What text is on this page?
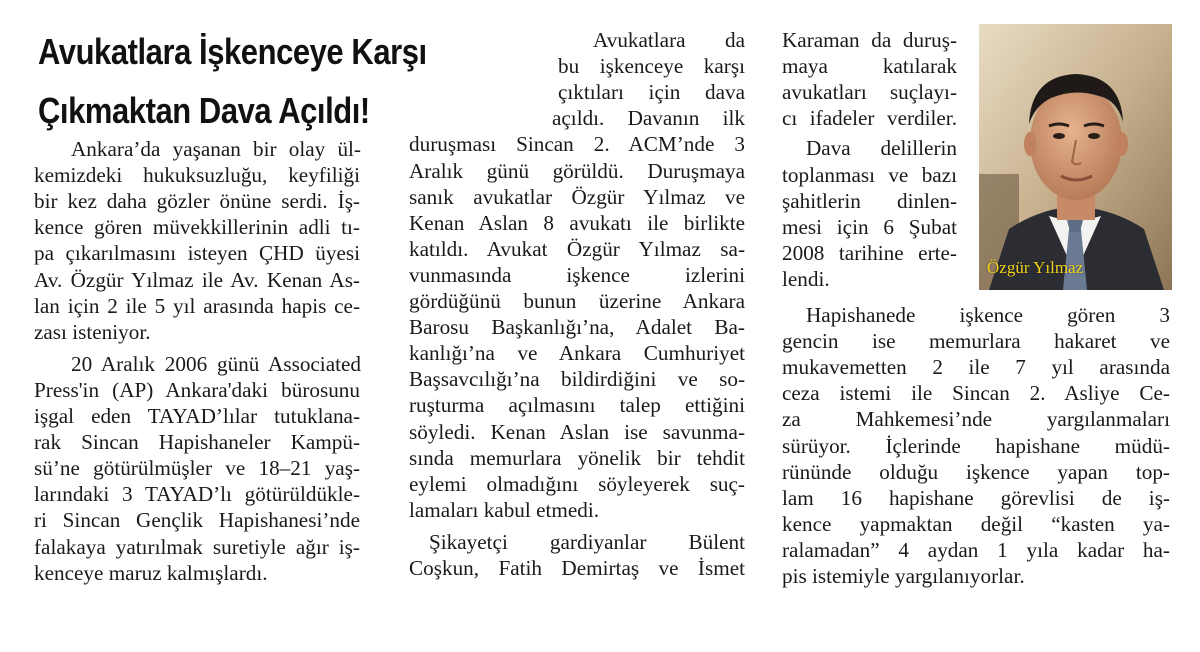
Avukatlara İşkenceye Karşı
Çıkmaktan Dava Açıldı!
Ankara’da yaşanan bir olay ül-
kemizdeki hukuksuzluğu, keyfiliği
bir kez daha gözler önüne serdi. İş-
kence gören müvekkillerinin adli tı-
pa çıkarılmasını isteyen ÇHD üyesi
Av. Özgür Yılmaz ile Av. Kenan As-
lan için 2 ile 5 yıl arasında hapis ce-
zası isteniyor.
20 Aralık 2006 günü Associated
Press'in (AP) Ankara'daki bürosunu
işgal eden TAYAD’lılar tutuklana-
rak Sincan Hapishaneler Kampü-
sü’ne götürülmüşler ve 18–21 yaş-
larındaki 3 TAYAD’lı götürüldükle-
ri Sincan Gençlik Hapishanesi’nde
falakaya yatırılmak suretiyle ağır iş-
kenceye maruz kalmışlardı.
Avukatlara da
bu işkenceye karşı
çıktıları için dava
açıldı. Davanın ilk
duruşması Sincan 2. ACM’nde 3
Aralık günü görüldü. Duruşmaya
sanık avukatlar Özgür Yılmaz ve
Kenan Aslan 8 avukatı ile birlikte
katıldı. Avukat Özgür Yılmaz sa-
vunmasında işkence izlerini
gördüğünü bunun üzerine Ankara
Barosu Başkanlığı’na, Adalet Ba-
kanlığı’na ve Ankara Cumhuriyet
Başsavcılığı’na bildirdiğini ve so-
ruşturma açılmasını talep ettiğini
söyledi. Kenan Aslan ise savunma-
sında memurlara yönelik bir tehdit
eylemi olmadığını söyleyerek suç-
lamaları kabul etmedi.
Şikayetçi gardiyanlar Bülent
Coşkun, Fatih Demirtaş ve İsmet
Karaman da duruş-
maya katılarak
avukatları suçlayı-
cı ifadeler verdiler.
Dava delillerin
toplanması ve bazı
şahitlerin dinlen-
mesi için 6 Şubat
2008 tarihine erte-
lendi.
Hapishanede işkence gören 3
gencin ise memurlara hakaret ve
mukavemetten 2 ile 7 yıl arasında
ceza istemi ile Sincan 2. Asliye Ce-
za Mahkemesi’nde yargılanmaları
sürüyor. İçlerinde hapishane müdü-
rününde olduğu işkence yapan top-
lam 16 hapishane görevlisi de iş-
kence yapmaktan değil “kasten ya-
ralamadan” 4 aydan 1 yıla kadar ha-
pis istemiyle yargılanıyorlar.
Özgür Yılmaz
